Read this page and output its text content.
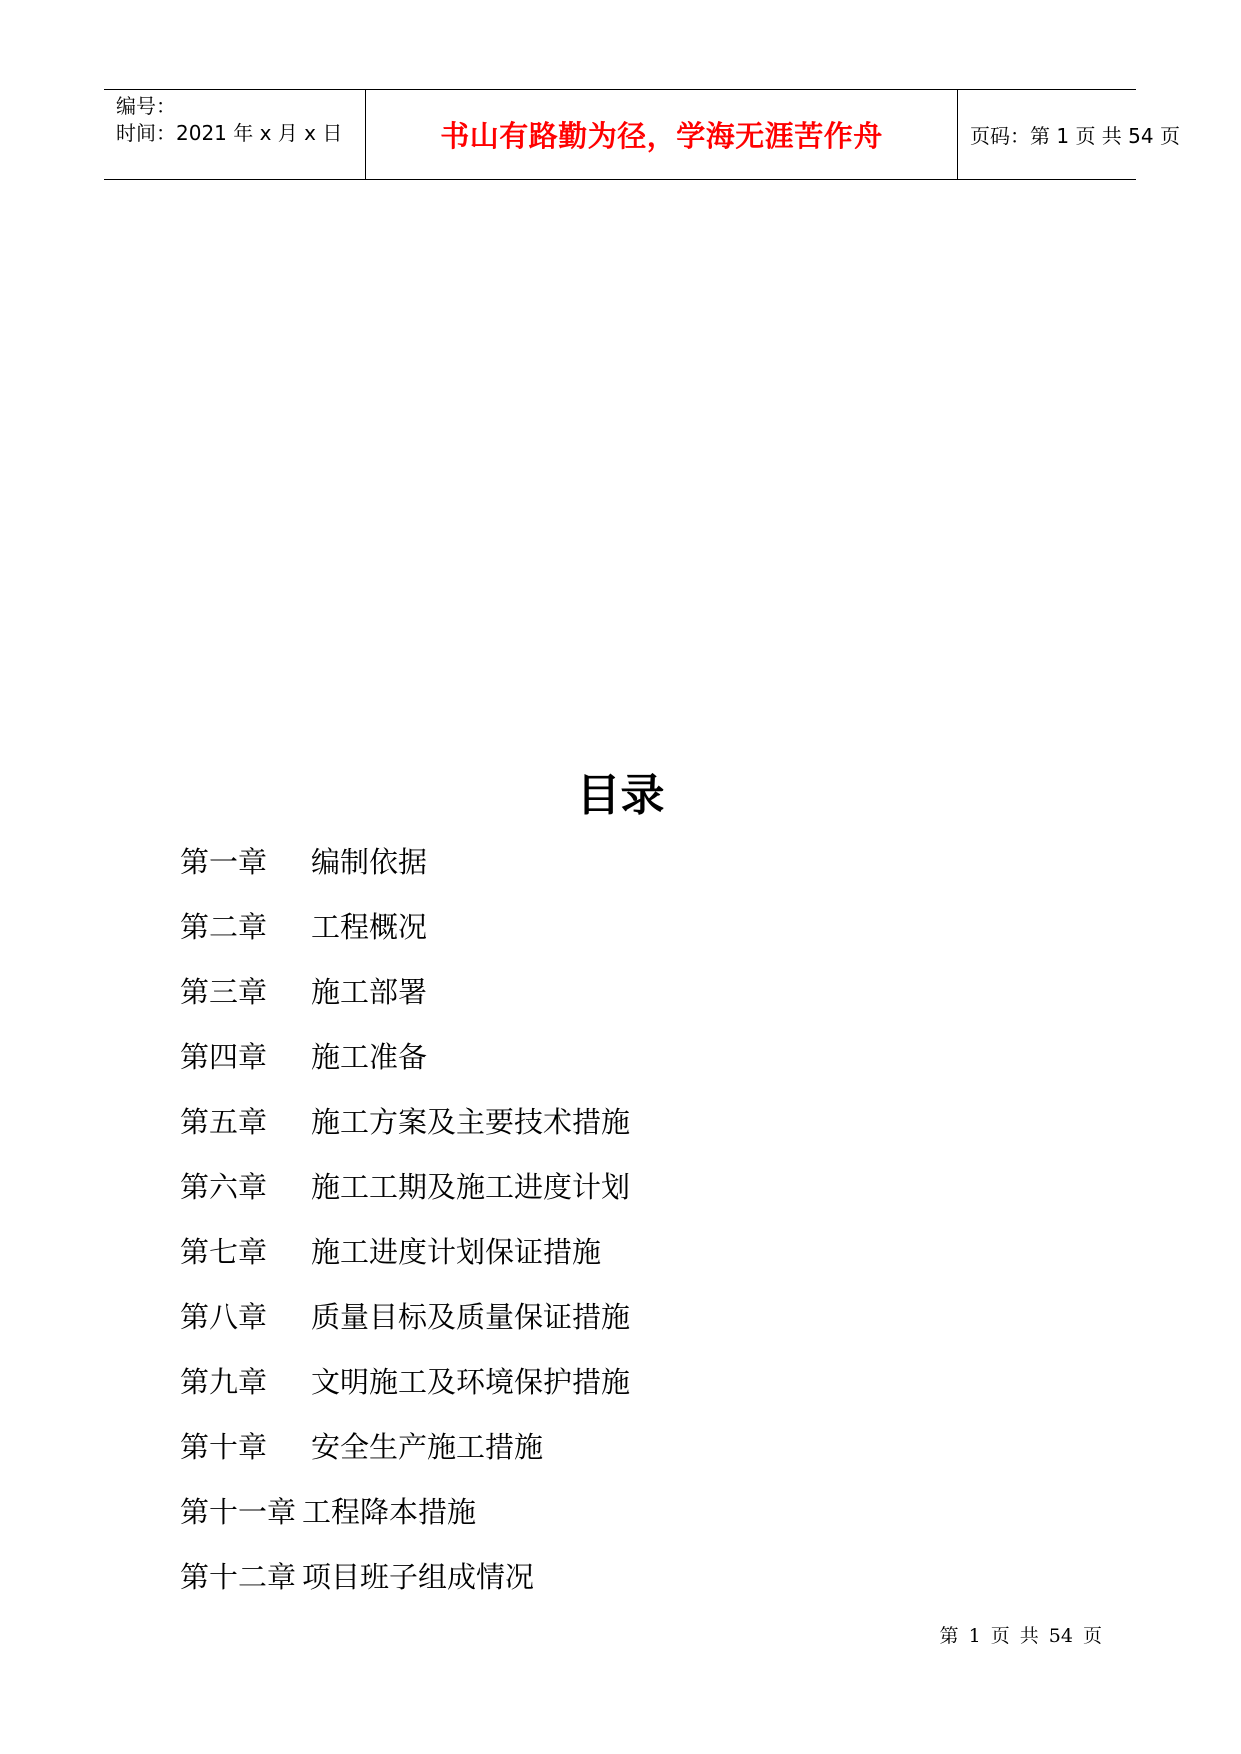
编号：
时间：2021 年 x 月 x 日	书山有路勤为径，学海无涯苦作舟	页码：第 1 页 共 54 页
目录
第一章 编制依据
第二章 工程概况
第三章 施工部署
第四章 施工准备
第五章 施工方案及主要技术措施
第六章 施工工期及施工进度计划
第七章 施工进度计划保证措施
第八章 质量目标及质量保证措施
第九章 文明施工及环境保护措施
第十章 安全生产施工措施
第十一章 工程降本措施
第十二章 项目班子组成情况
第 1 页 共 54 页
